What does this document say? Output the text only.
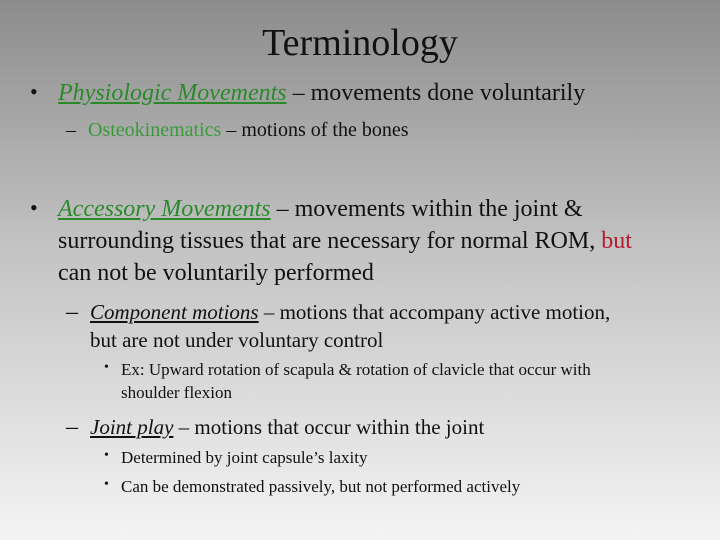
Terminology
• Physiologic Movements – movements done voluntarily
– Osteokinematics – motions of the bones
• Accessory Movements – movements within the joint &
surrounding tissues that are necessary for normal ROM, but
can not be voluntarily performed
– Component motions – motions that accompany active motion,
but are not under voluntary control
• Ex: Upward rotation of scapula & rotation of clavicle that occur with
shoulder flexion
– Joint play – motions that occur within the joint
• Determined by joint capsule’s laxity
• Can be demonstrated passively, but not performed actively
